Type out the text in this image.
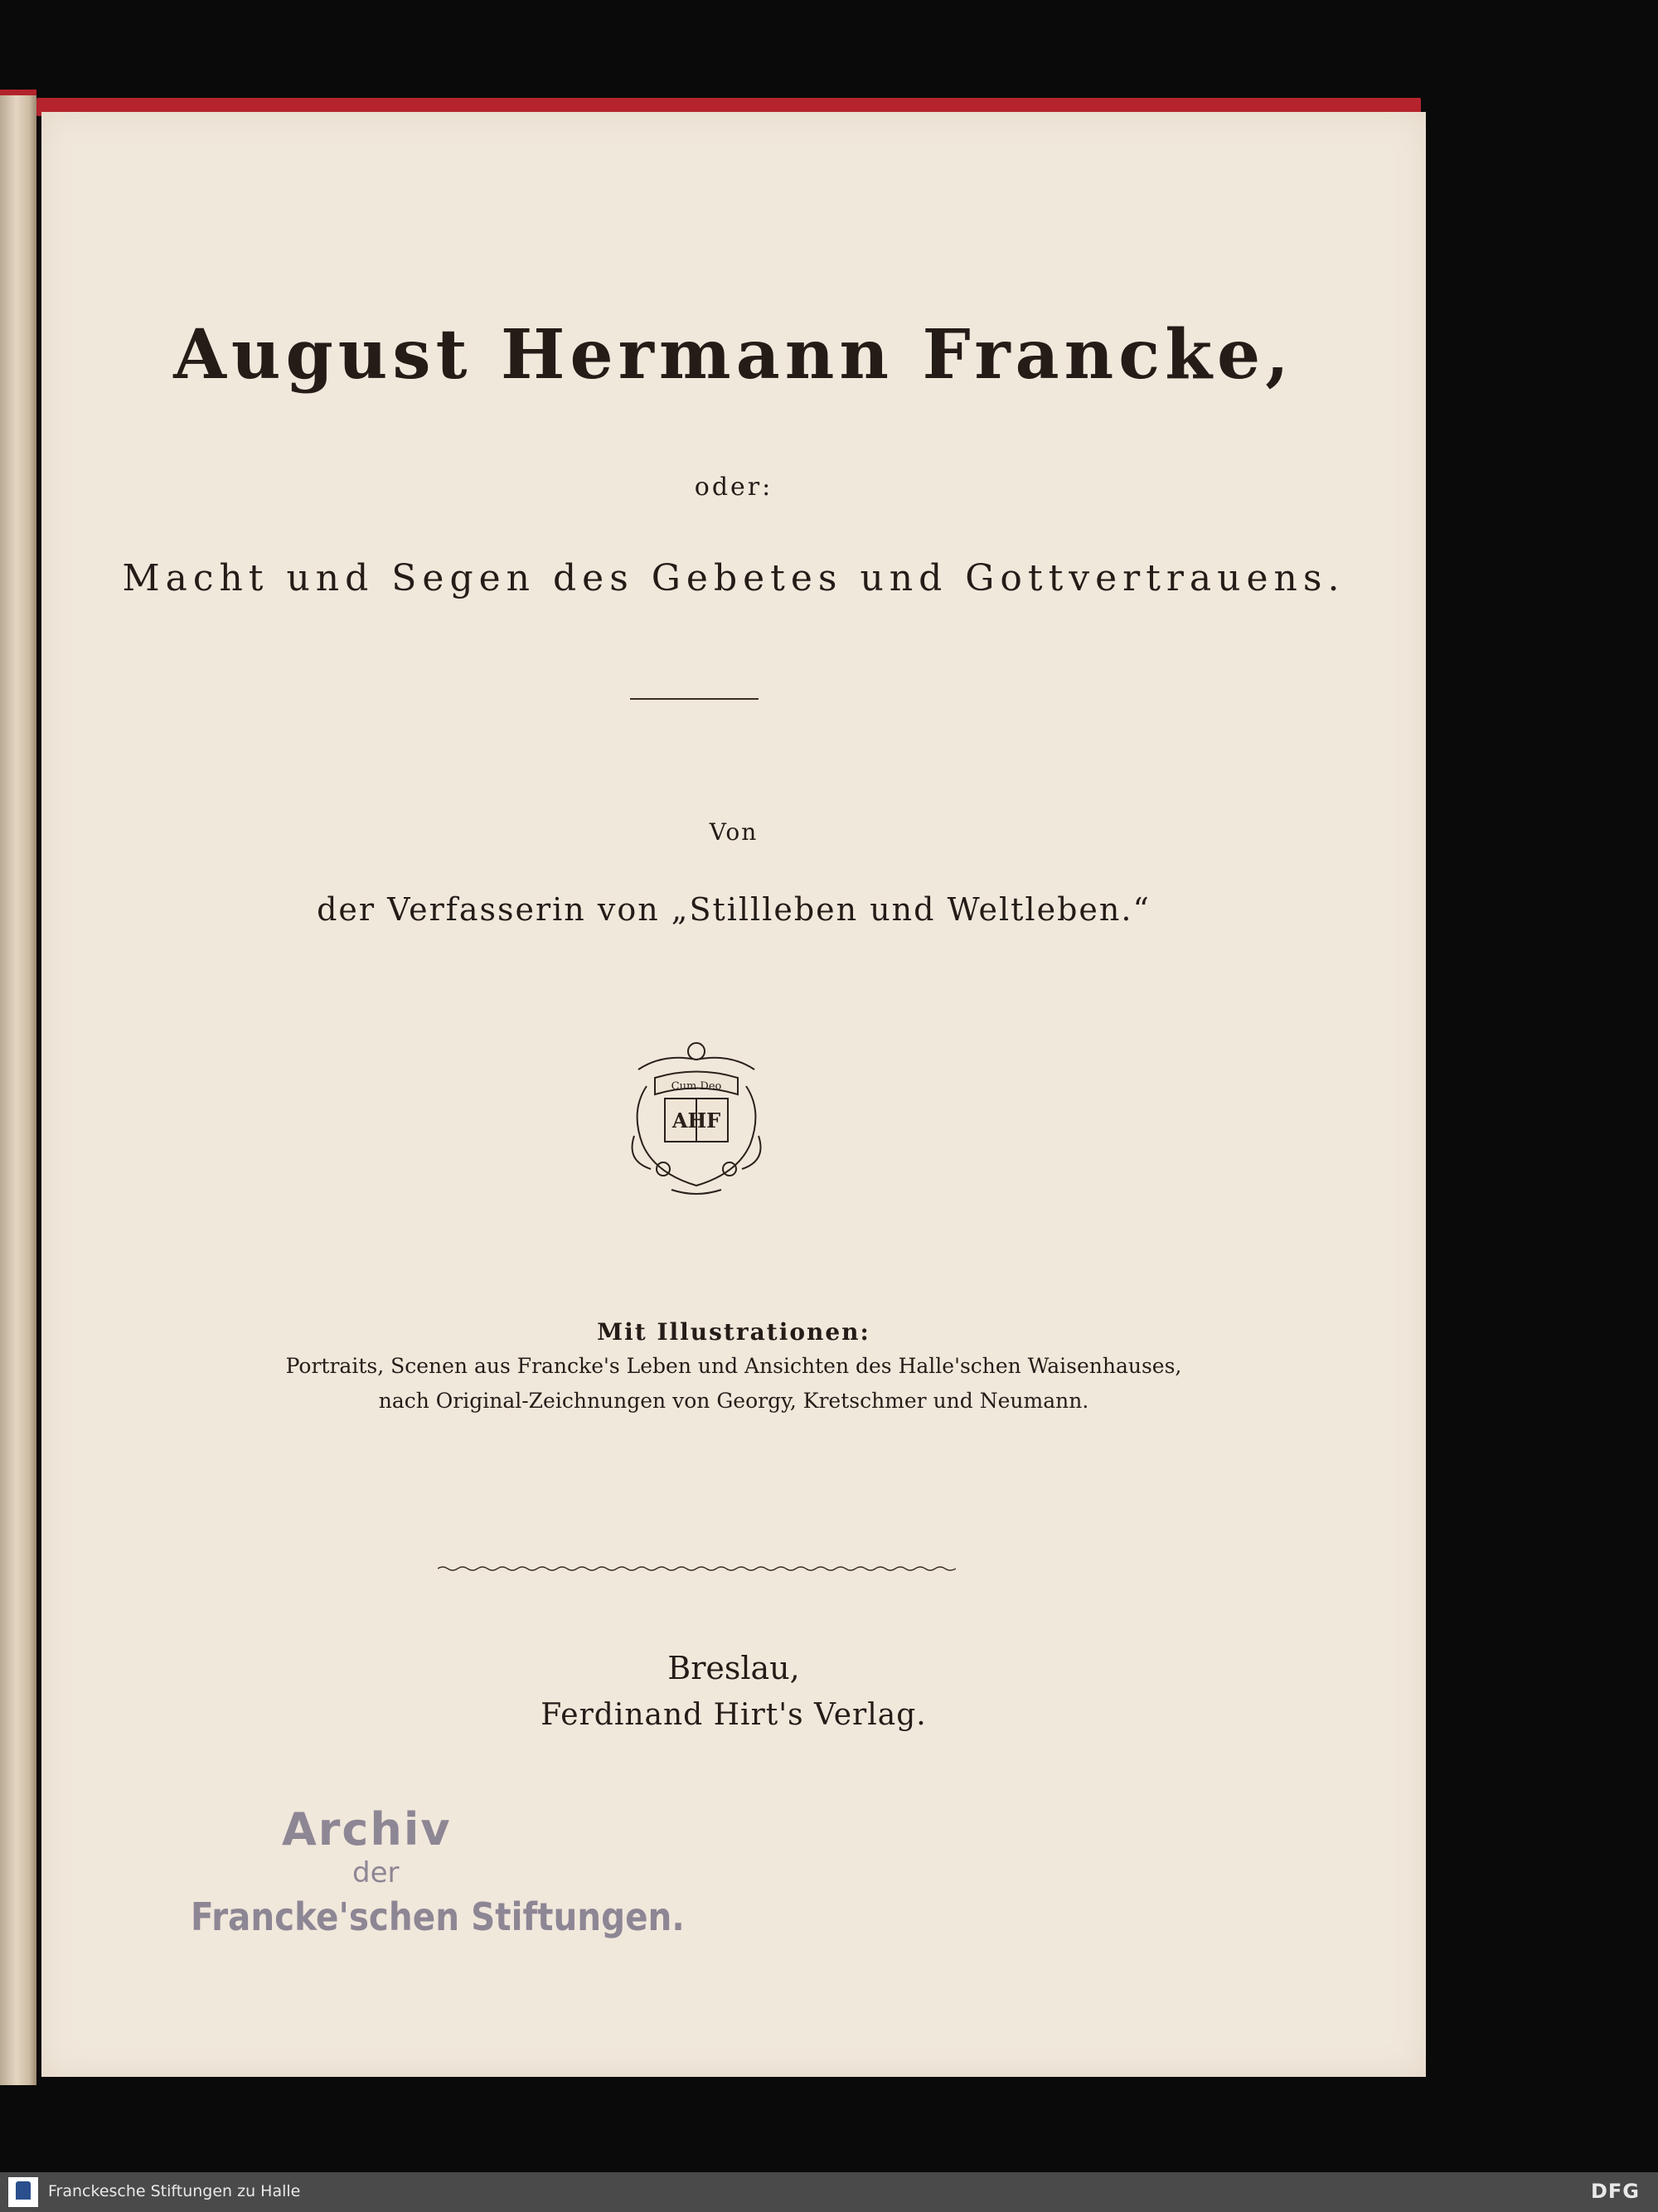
August Hermann Francke,
oder:
Macht und Segen des Gebetes und Gottvertrauens.
Von
der Verfasserin von „Stillleben und Weltleben.“
Cum Deo
AHF
Mit Illustrationen:
Portraits, Scenen aus Francke's Leben und Ansichten des Halle'schen Waisenhauses,
nach Original-Zeichnungen von Georgy, Kretschmer und Neumann.
Breslau,
Ferdinand Hirt's Verlag.
Archiv
der
Francke'schen Stiftungen.
Franckesche Stiftungen zu Halle	DFG
